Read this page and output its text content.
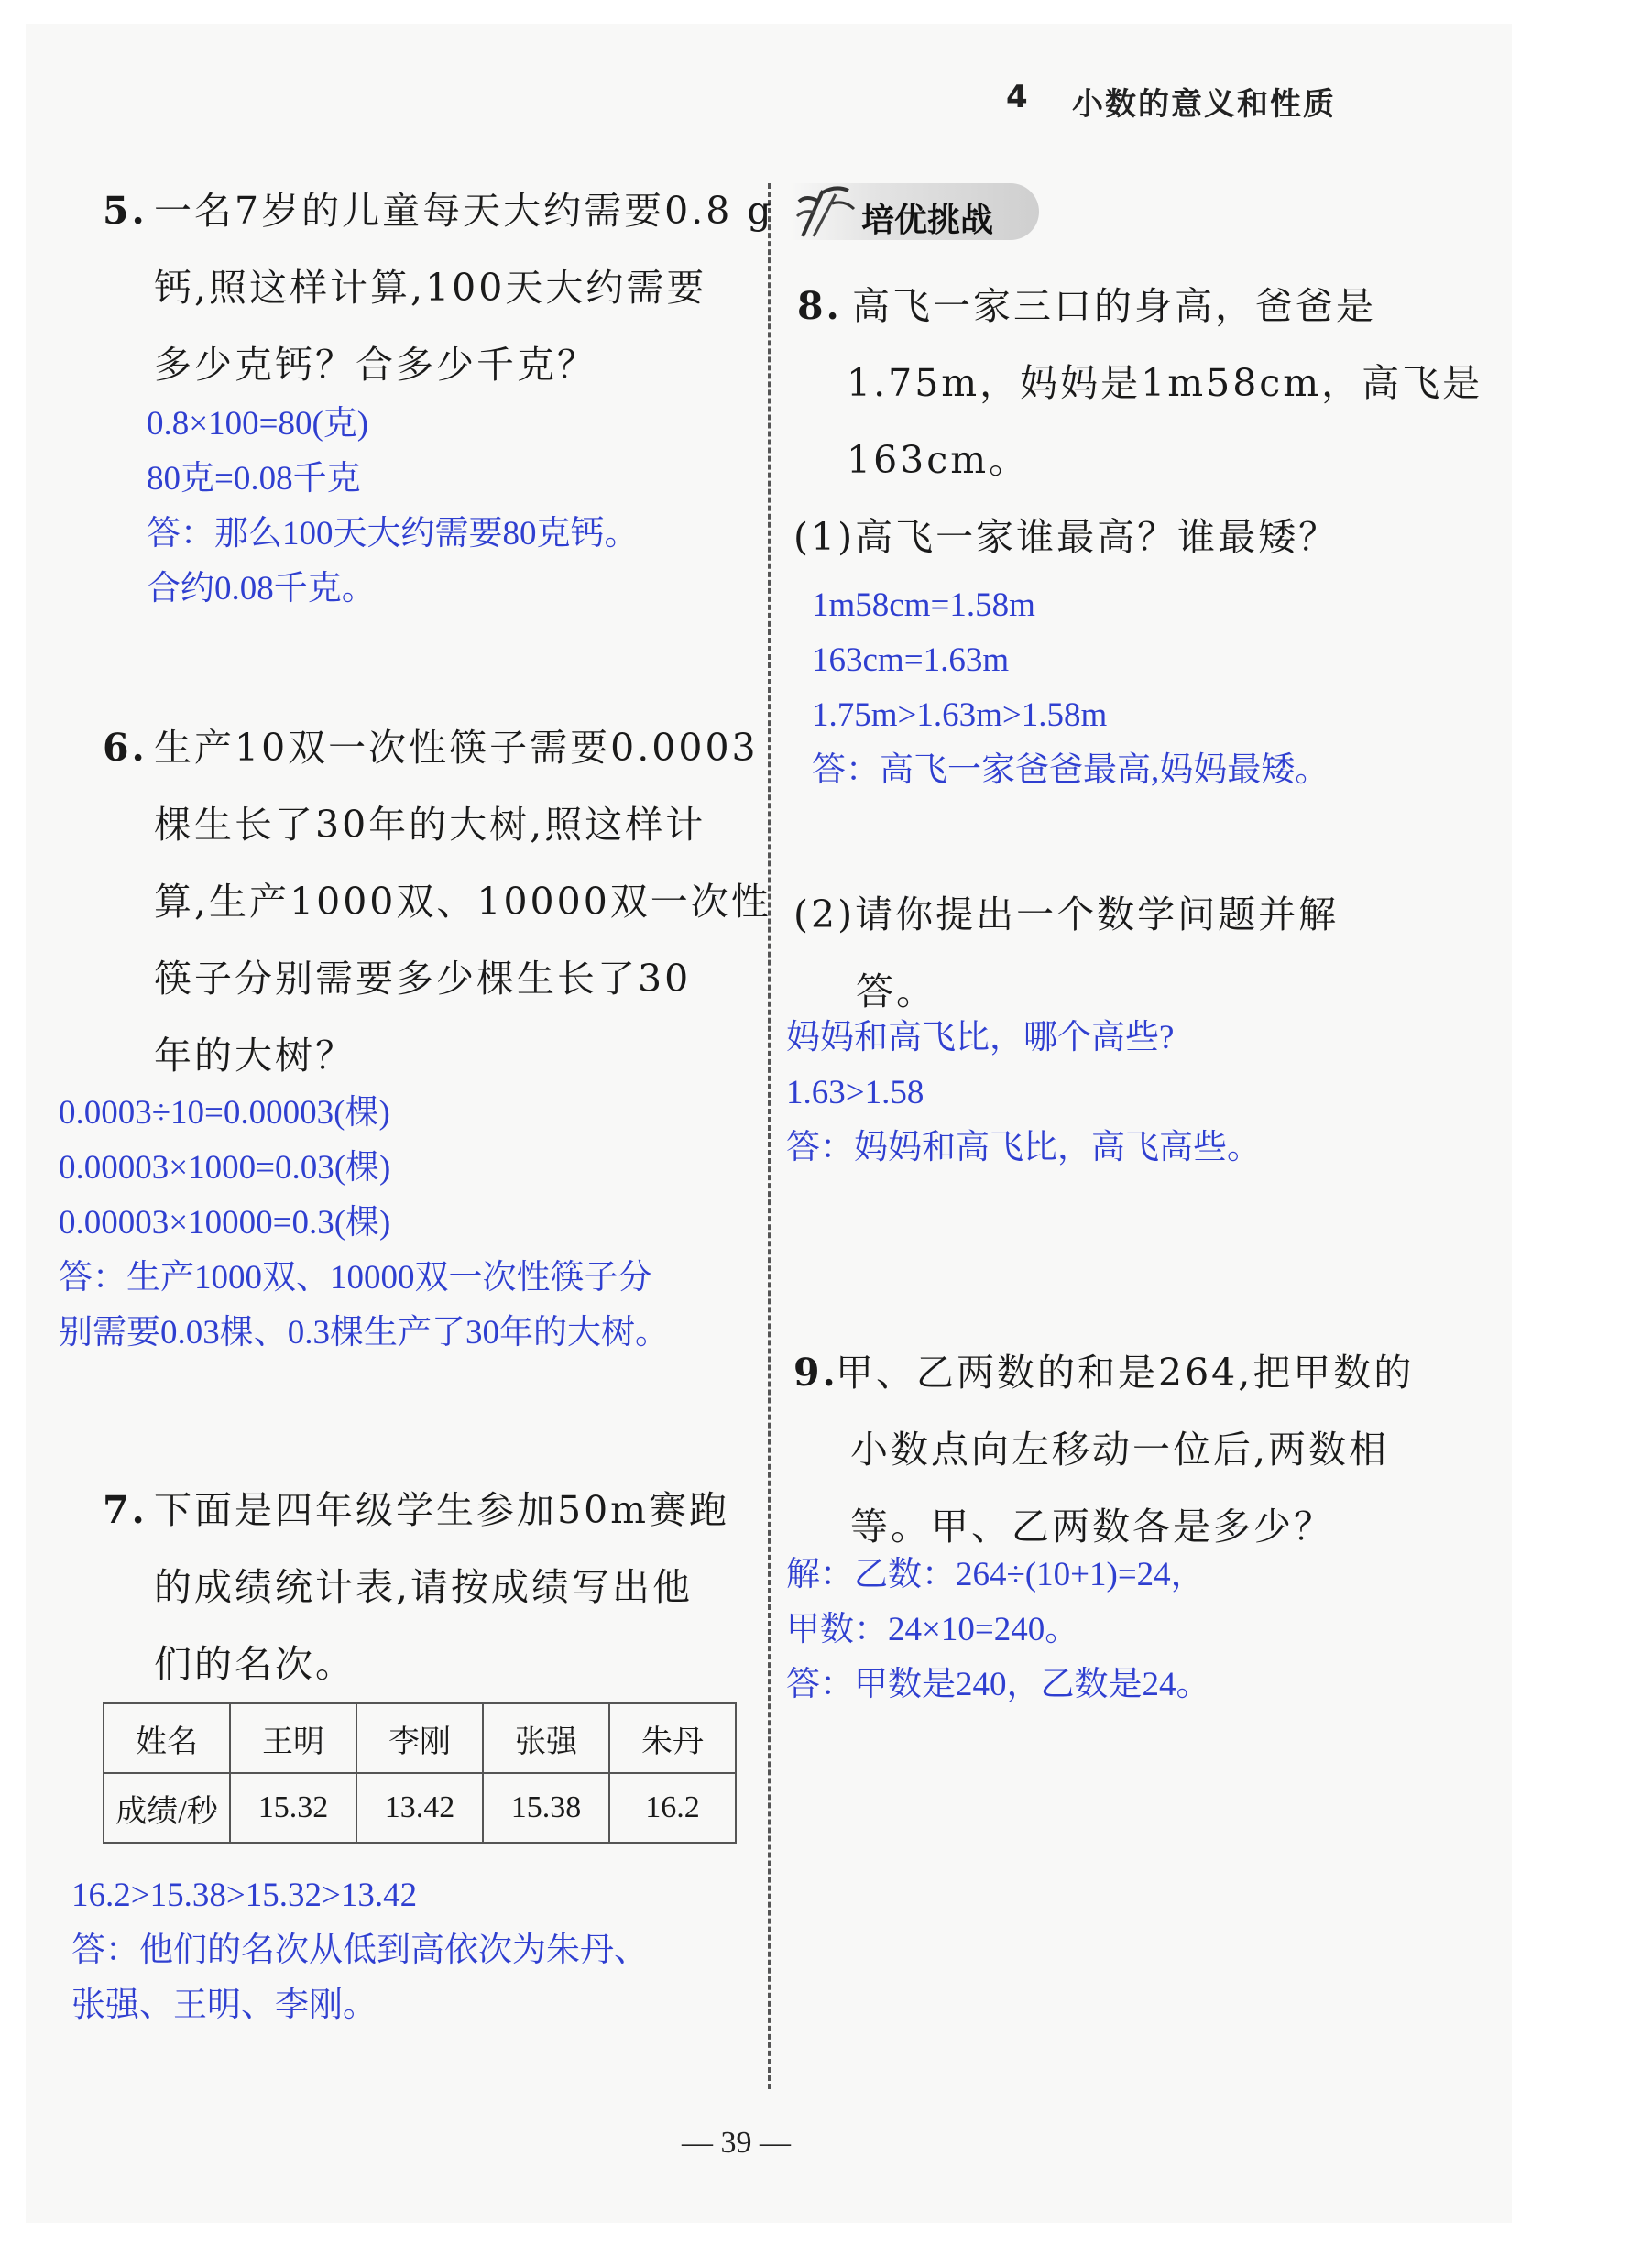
4 小数的意义和性质
培优挑战
5. 一名7岁的儿童每天大约需要0.8 g
钙,照这样计算,100天大约需要
多少克钙？合多少千克？
0.8×100=80(克)
80克=0.08千克
答：那么100天大约需要80克钙。
合约0.08千克。
6. 生产10双一次性筷子需要0.0003
棵生长了30年的大树,照这样计
算,生产1000双、10000双一次性
筷子分别需要多少棵生长了30
年的大树？
0.0003÷10=0.00003(棵)
0.00003×1000=0.03(棵)
0.00003×10000=0.3(棵)
答：生产1000双、10000双一次性筷子分
别需要0.03棵、0.3棵生产了30年的大树。
7. 下面是四年级学生参加50m赛跑
的成绩统计表,请按成绩写出他
们的名次。
姓名	王明	李刚	张强	朱丹
成绩/秒	15.32	13.42	15.38	16.2
16.2>15.38>15.32>13.42
答：他们的名次从低到高依次为朱丹、
张强、王明、李刚。
8. 高飞一家三口的身高，爸爸是
1.75m，妈妈是1m58cm，高飞是
163cm。
(1)高飞一家谁最高？谁最矮？
1m58cm=1.58m
163cm=1.63m
1.75m>1.63m>1.58m
答：高飞一家爸爸最高,妈妈最矮。
(2)请你提出一个数学问题并解
答。
妈妈和高飞比，哪个高些?
1.63>1.58
答：妈妈和高飞比，高飞高些。
9.
甲、乙两数的和是264,把甲数的
小数点向左移动一位后,两数相
等。甲、乙两数各是多少？
解：乙数：264÷(10+1)=24，
甲数：24×10=240。
答：甲数是240，乙数是24。
— 39 —
